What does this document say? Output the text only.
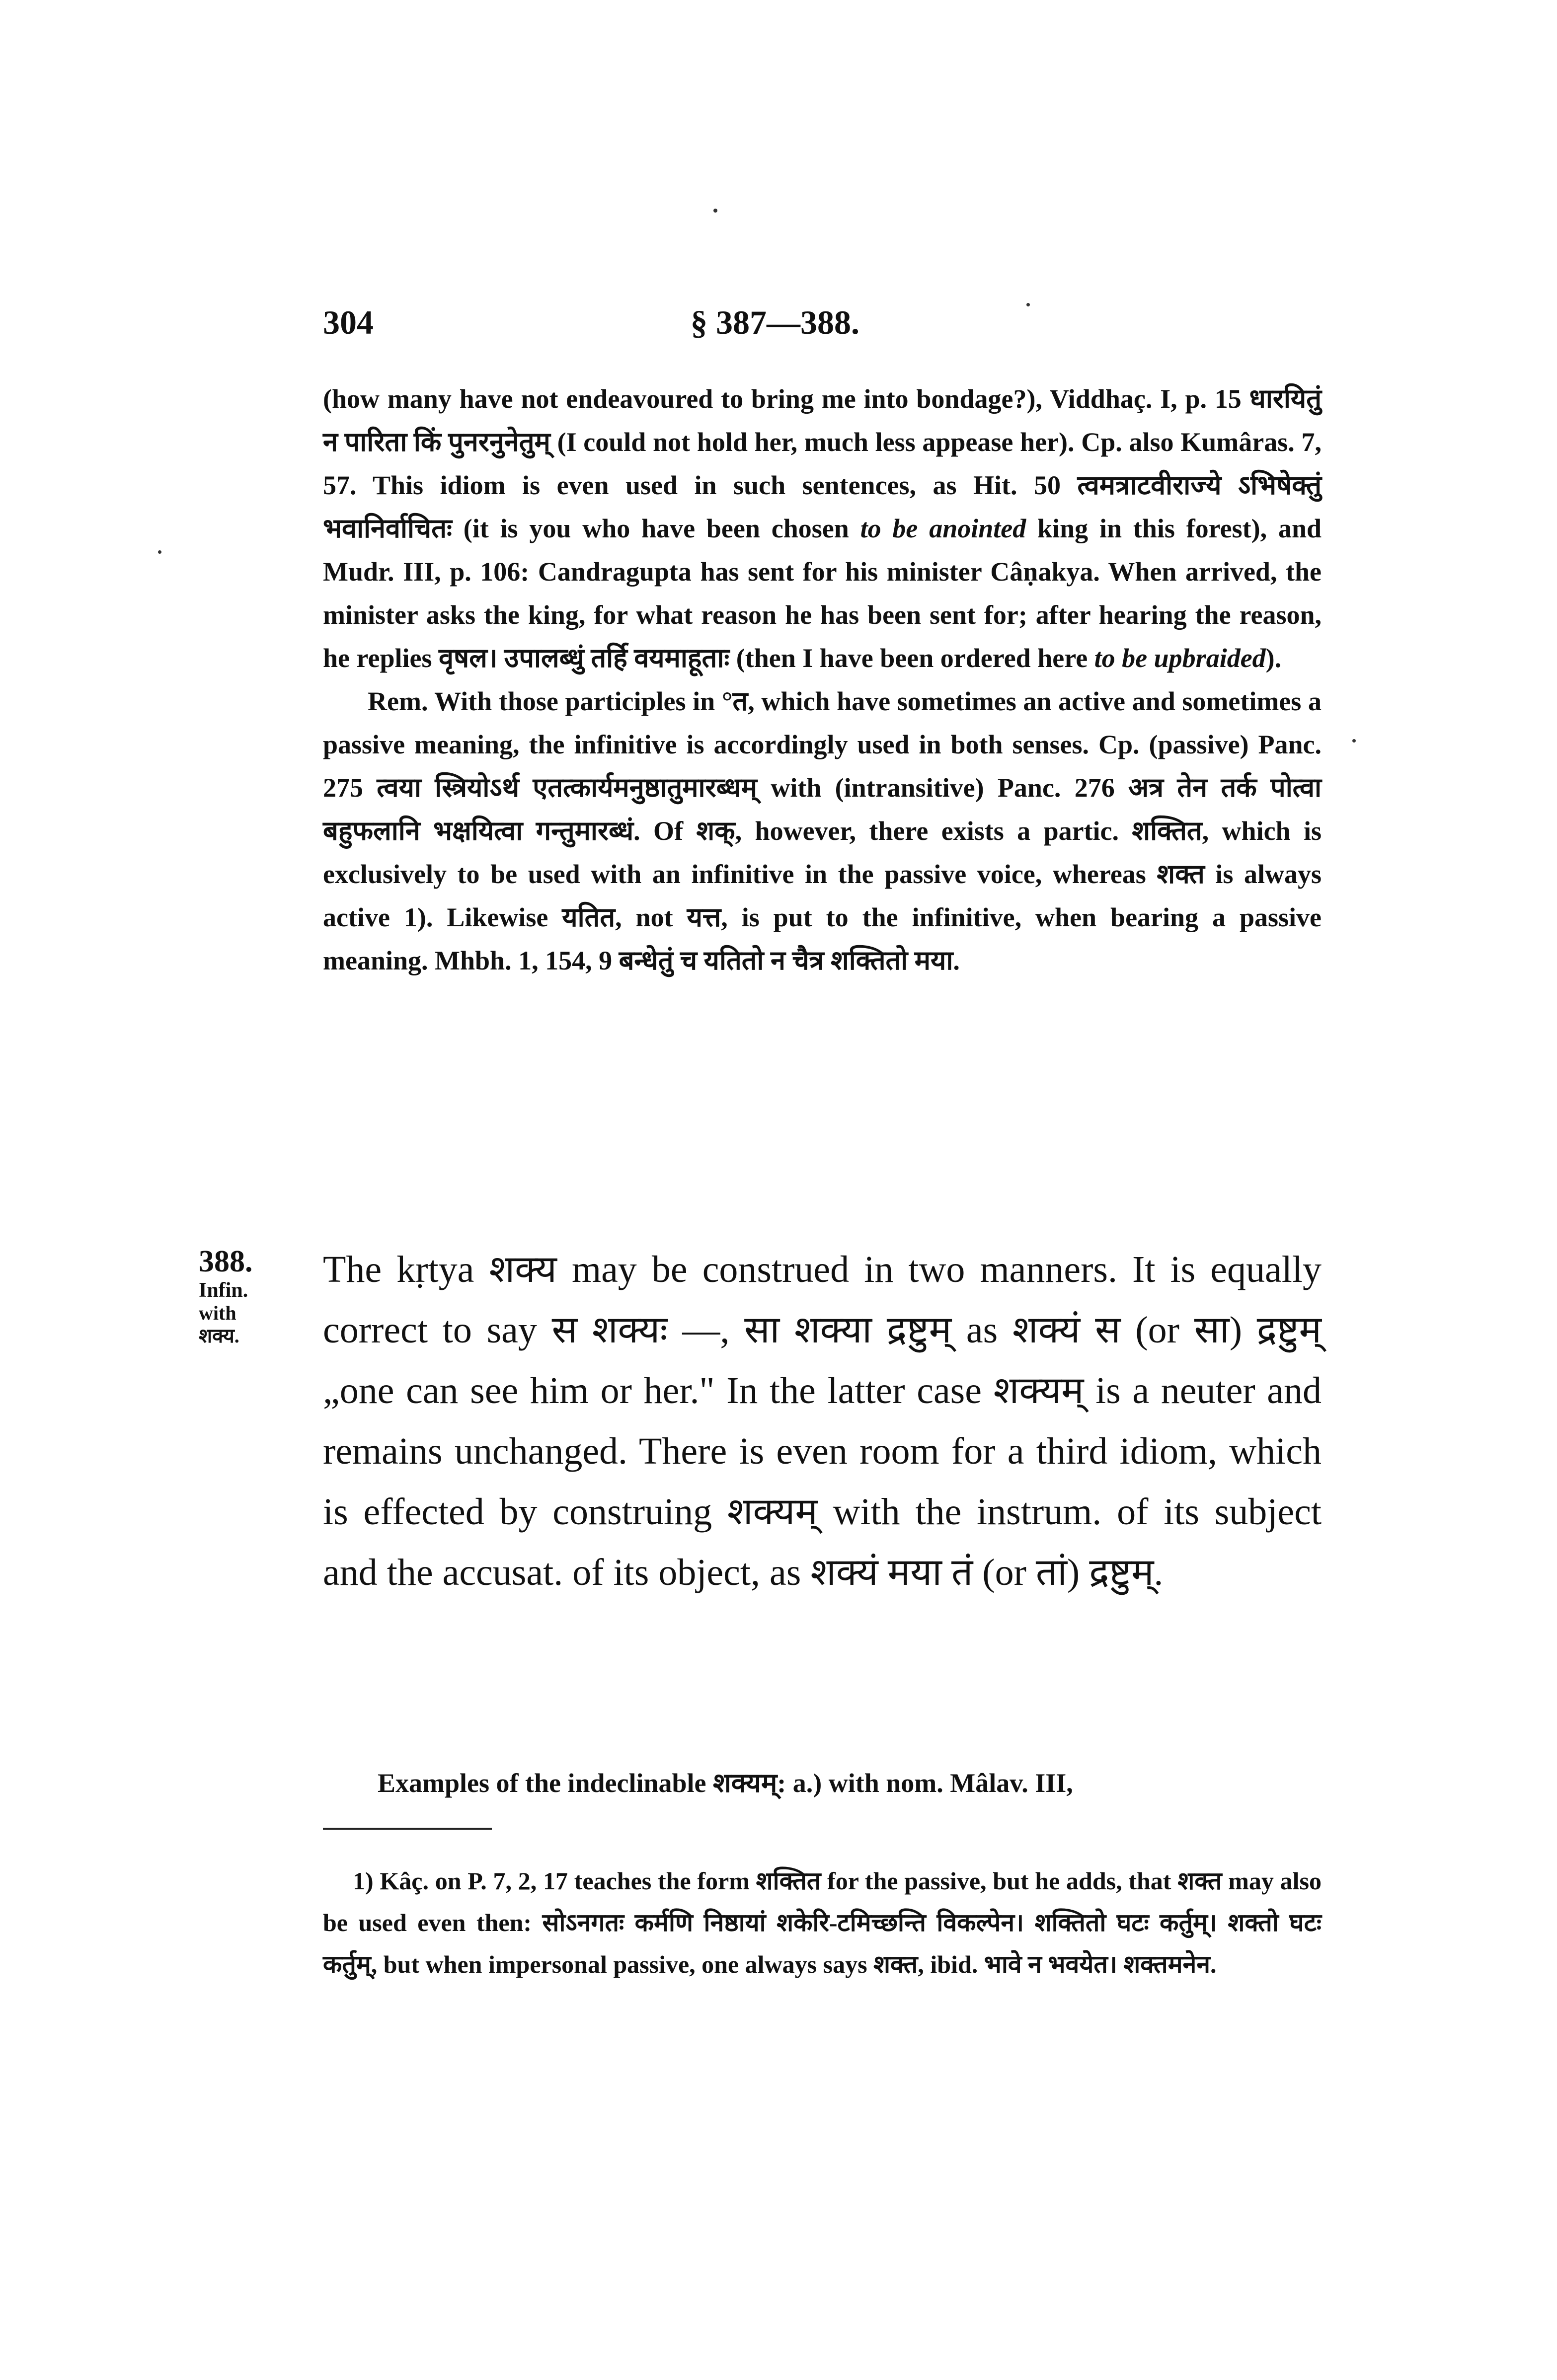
304	§ 387—388.

(how many have not endeavoured to bring me into bondage?), Viddhaç. I, p. 15 धारयितुं न पारिता किं पुनरनुनेतुम् (I could not hold her, much less appease her). Cp. also Kumâras. 7, 57. This idiom is even used in such sentences, as Hit. 50 त्वमत्राटवीराज्ये ऽभिषेक्तुं भवानिर्वाचितः (it is you who have been chosen to be anointed king in this forest), and Mudr. III, p. 106: Candragupta has sent for his minister Câṇakya. When arrived, the minister asks the king, for what reason he has been sent for; after hearing the reason, he replies वृषल। उपालब्धुं तर्हि वयमाहूताः (then I have been ordered here to be upbraided).

Rem. With those participles in °त, which have sometimes an active and sometimes a passive meaning, the infinitive is accordingly used in both senses. Cp. (passive) Panc. 275 त्वया स्त्रियोऽर्थ एतत्कार्यमनुष्ठातुमारब्धम् with (intransitive) Panc. 276 अत्र तेन तर्क पोत्वा बहुफलानि भक्षयित्वा गन्तुमारब्धं. Of शक्, however, there exists a partic. शक्तित, which is exclusively to be used with an infinitive in the passive voice, whereas शक्त is always active 1). Likewise यतित, not यत्त, is put to the infinitive, when bearing a passive meaning. Mhbh. 1, 154, 9 बन्धेतुं च यतितो न चैत्र शक्तितो मया.

388.
Infin.
with
शक्य.

The kṛtya शक्य may be construed in two manners. It is equally correct to say स शक्यः —, सा शक्या द्रष्टुम् as शक्यं स (or सा) द्रष्टुम् „one can see him or her." In the latter case शक्यम् is a neuter and remains unchanged. There is even room for a third idiom, which is effected by construing शक्यम् with the instrum. of its subject and the accusat. of its object, as शक्यं मया तं (or तां) द्रष्टुम्.

Examples of the indeclinable शक्यम्: a.) with nom. Mâlav. III,

1) Kâç. on P. 7, 2, 17 teaches the form शक्तित for the passive, but he adds, that शक्त may also be used even then: सोऽनगतः कर्मणि निष्ठायां शकेरि-टमिच्छन्ति विकल्पेन। शक्तितो घटः कर्तुम्। शक्तो घटः कर्तुम्, but when impersonal passive, one always says शक्त, ibid. भावे न भवयेत। शक्तमनेन.
